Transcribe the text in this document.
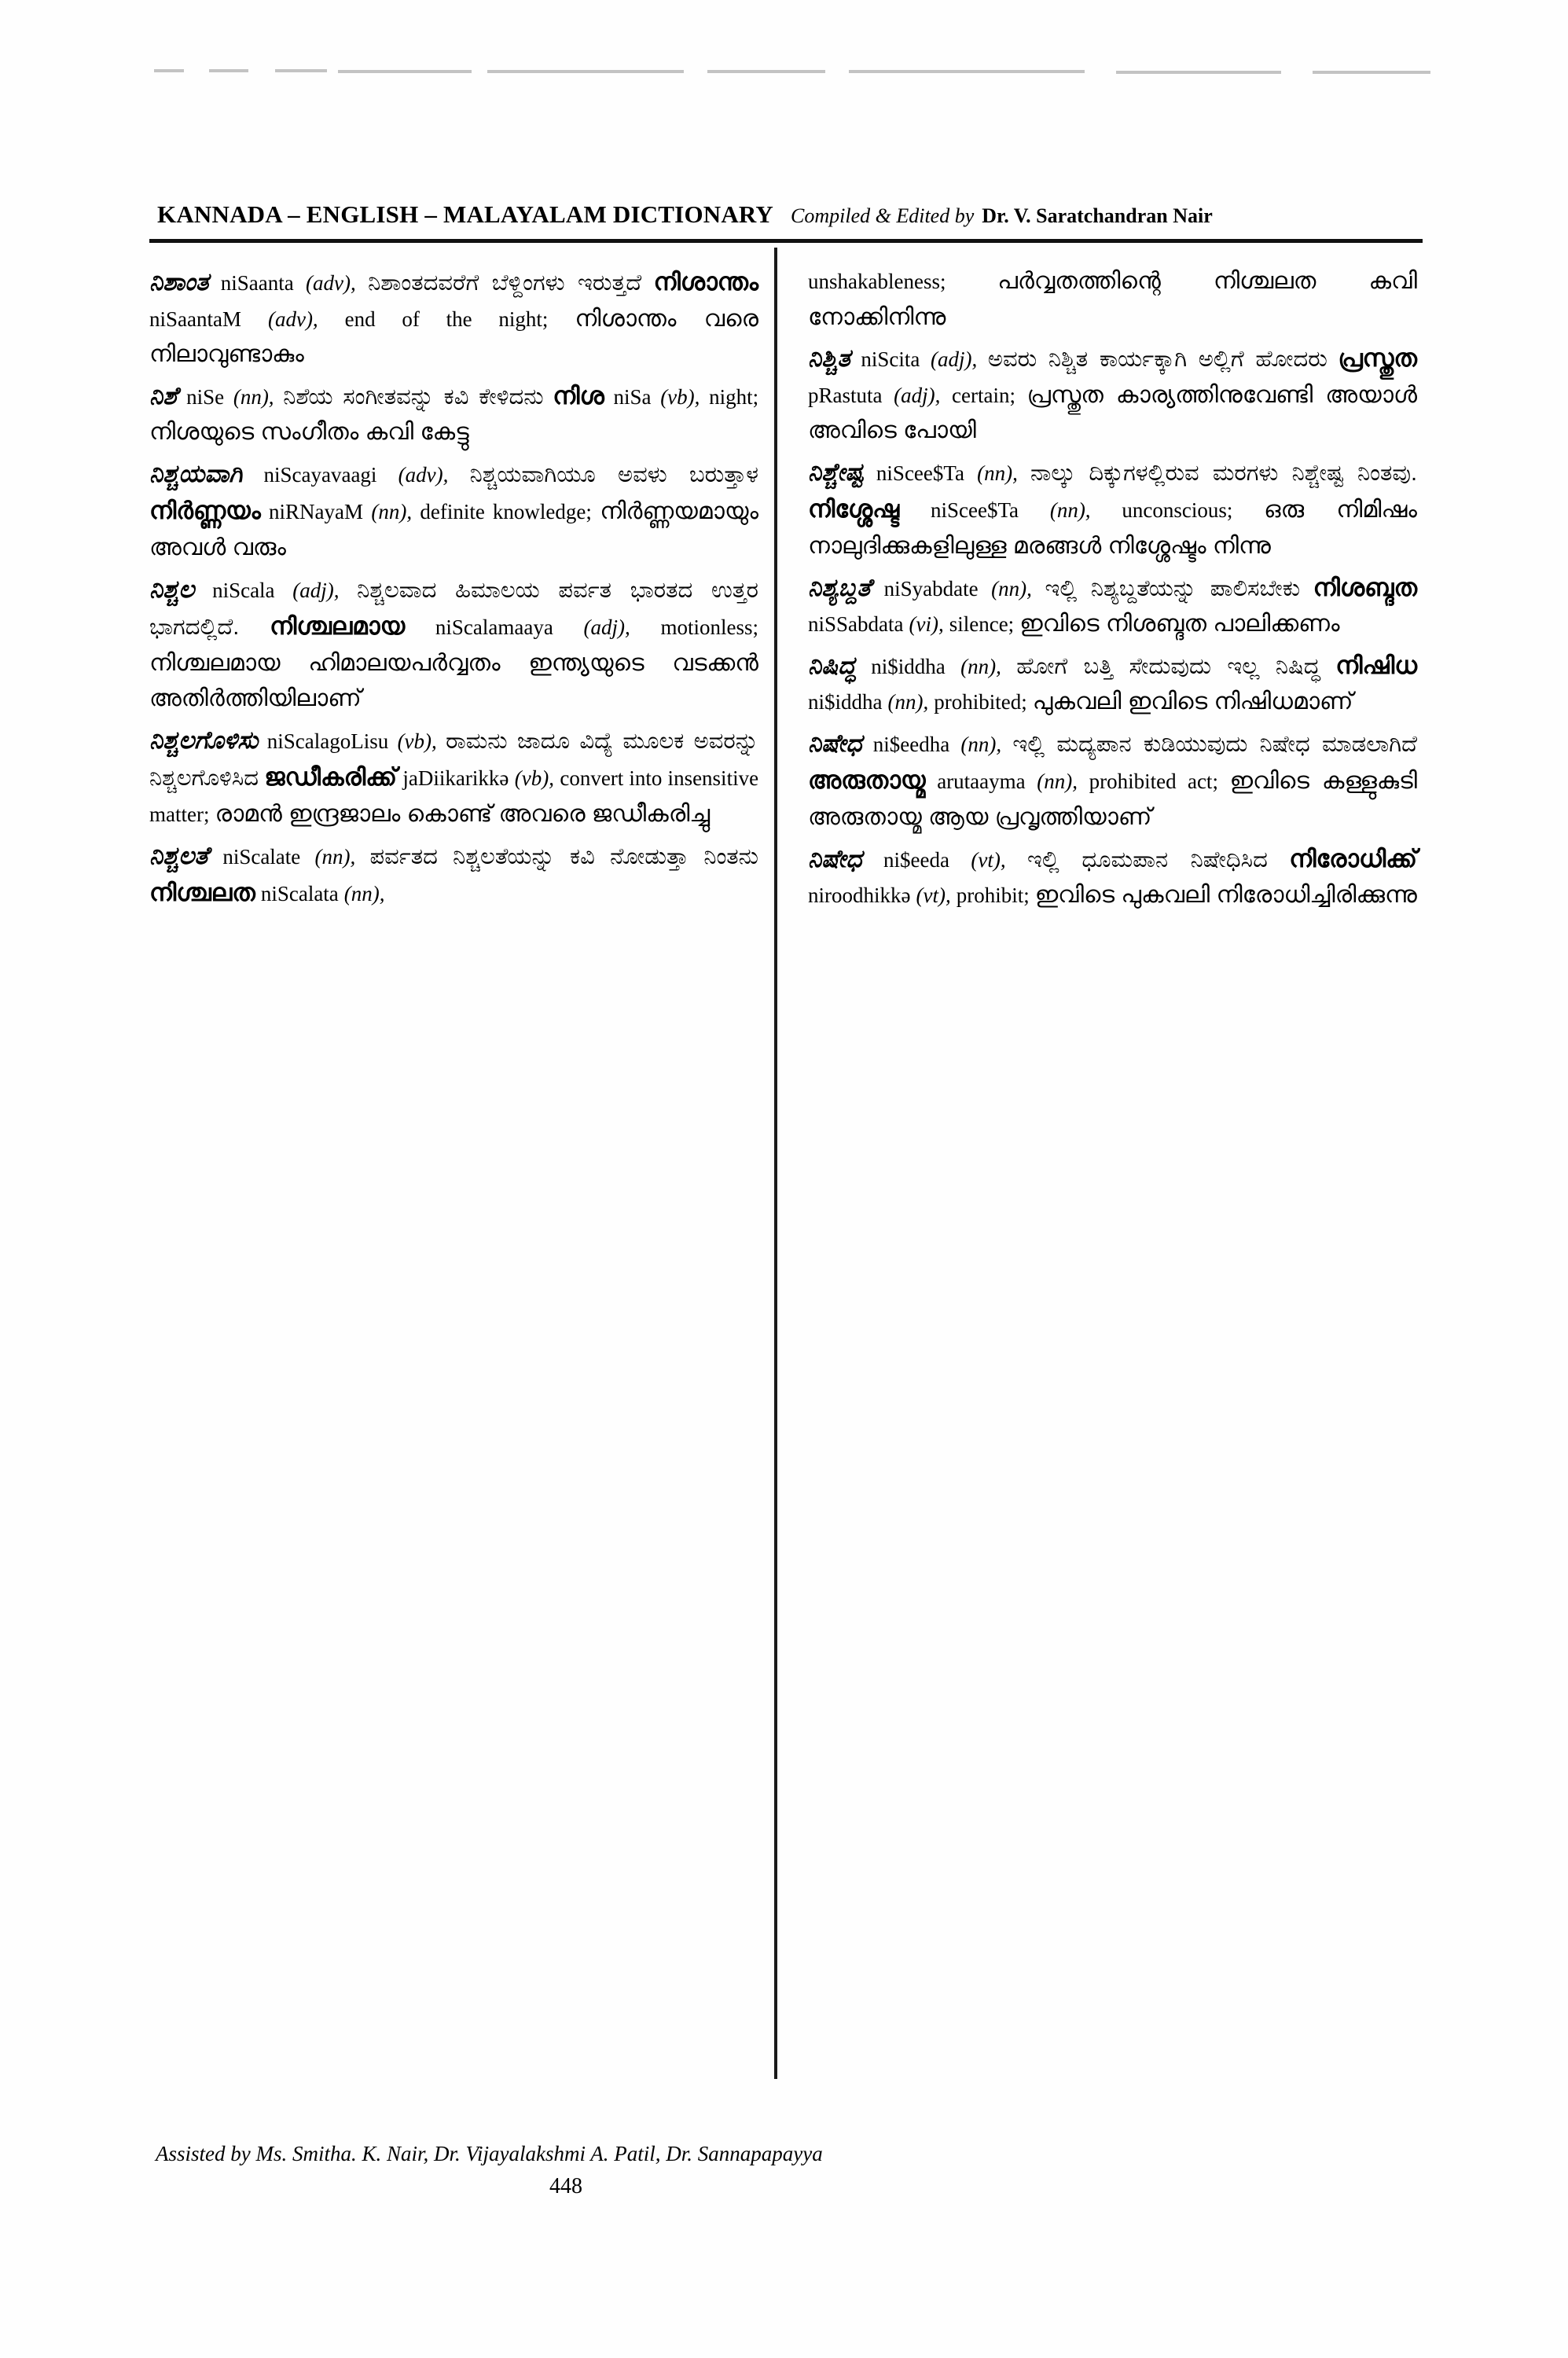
KANNADA – ENGLISH – MALAYALAM DICTIONARY Compiled & Edited by Dr. V. Saratchandran Nair

ನಿಶಾಂತ niSaanta (adv), ನಿಶಾಂತದವರೆಗೆ ಬೆಳ್ದಿಂಗಳು ಇರುತ್ತದೆ നിശാന്തം niSaantaM (adv), end of the night; നിശാന്തം വരെ നിലാവുണ്ടാകും

ನಿಶೆ niSe (nn), ನಿಶೆಯ ಸಂಗೀತವನ್ನು ಕವಿ ಕೇಳಿದನು നിശ niSa (vb), night; നിശയുടെ സംഗീതം കവി കേട്ടു

ನಿಶ್ಚಯವಾಗಿ niScayavaagi (adv), ನಿಶ್ಚಯವಾಗಿಯೂ ಅವಳು ಬರುತ್ತಾಳ നിർണ്ണയം niRNayaM (nn), definite knowledge; നിർണ്ണയമായും അവൾ വരും

ನಿಶ್ಚಲ niScala (adj), ನಿಶ್ಚಲವಾದ ಹಿಮಾಲಯ ಪರ್ವತ ಭಾರತದ ಉತ್ತರ ಭಾಗದಲ್ಲಿದೆ. നിശ്ചലമായ niScalamaaya (adj), motionless; നിശ്ചലമായ ഹിമാലയപർവ്വതം ഇന്ത്യയുടെ വടക്കൻ അതിർത്തിയിലാണ്

ನಿಶ್ಚಲಗೊಳಿಸು niScalagoLisu (vb), ರಾಮನು ಜಾದೂ ವಿದ್ಯೆ ಮೂಲಕ ಅವರನ್ನು ನಿಶ್ಚಲಗೊಳಿಸಿದ ജഡീകരിക്ക് jaDiikarikkə (vb), convert into insensitive matter; രാമൻ ഇന്ദ്രജാലം കൊണ്ട് അവരെ ജഡീകരിച്ചു

ನಿಶ್ಚಲತೆ niScalate (nn), ಪರ್ವತದ ನಿಶ್ಚಲತೆಯನ್ನು ಕವಿ ನೋಡುತ್ತಾ ನಿಂತನು നിശ്ചലത niScalata (nn),

unshakableness; പർവ്വതത്തിന്റെ നിശ്ചലത കവി നോക്കിനിന്നു

ನಿಶ್ಚಿತ niScita (adj), ಅವರು ನಿಶ್ಚಿತ ಕಾರ್ಯಕ್ಕಾಗಿ ಅಲ್ಲಿಗೆ ಹೋದರು പ്രസ്തുത pRastuta (adj), certain; പ്രസ്തുത കാര്യത്തിനുവേണ്ടി അയാൾ അവിടെ പോയി

ನಿಶ್ಚೇಷ್ಟ niScee$Ta (nn), ನಾಲ್ಕು ದಿಕ್ಕುಗಳಲ್ಲಿರುವ ಮರಗಳು ನಿಶ್ಚೇಷ್ಟ ನಿಂತವು. നിശ്ശേഷ്ട niScee$Ta (nn), unconscious; ഒരു നിമിഷം നാലുദിക്കുകളിലുള്ള മരങ്ങൾ നിശ്ശേഷ്ടം നിന്നു

ನಿಶ್ಯಬ್ದತೆ niSyabdate (nn), ಇಲ್ಲಿ ನಿಶ್ಯಬ್ದತೆಯನ್ನು ಪಾಲಿಸಬೇಕು നിശബ്ദത niSSabdata (vi), silence; ഇവിടെ നിശബ്ദത പാലിക്കണം

ನಿಷಿದ್ಧ ni$iddha (nn), ಹೋಗೆ ಬತ್ತಿ ಸೇದುವುದು ಇಲ್ಲ ನಿಷಿದ್ಧ നിഷിധ ni$iddha (nn), prohibited; പുകവലി ഇവിടെ നിഷിധമാണ്

ನಿಷೇಧ ni$eedha (nn), ಇಲ್ಲಿ ಮದ್ಯಪಾನ ಕುಡಿಯುವುದು ನಿಷೇಧ ಮಾಡಲಾಗಿದೆ അരുതായ്മ arutaayma (nn), prohibited act; ഇവിടെ കള്ളുകുടി അരുതായ്മ ആയ പ്രവൃത്തിയാണ്

ನಿಷೇಧ ni$eeda (vt), ಇಲ್ಲಿ ಧೂಮಪಾನ ನಿಷೇಧಿಸಿದ നിരോധിക്ക് niroodhikkə (vt), prohibit; ഇവിടെ പുകവലി നിരോധിച്ചിരിക്കുന്നു

Assisted by Ms. Smitha. K. Nair, Dr. Vijayalakshmi A. Patil, Dr. Sannapapayya
448
